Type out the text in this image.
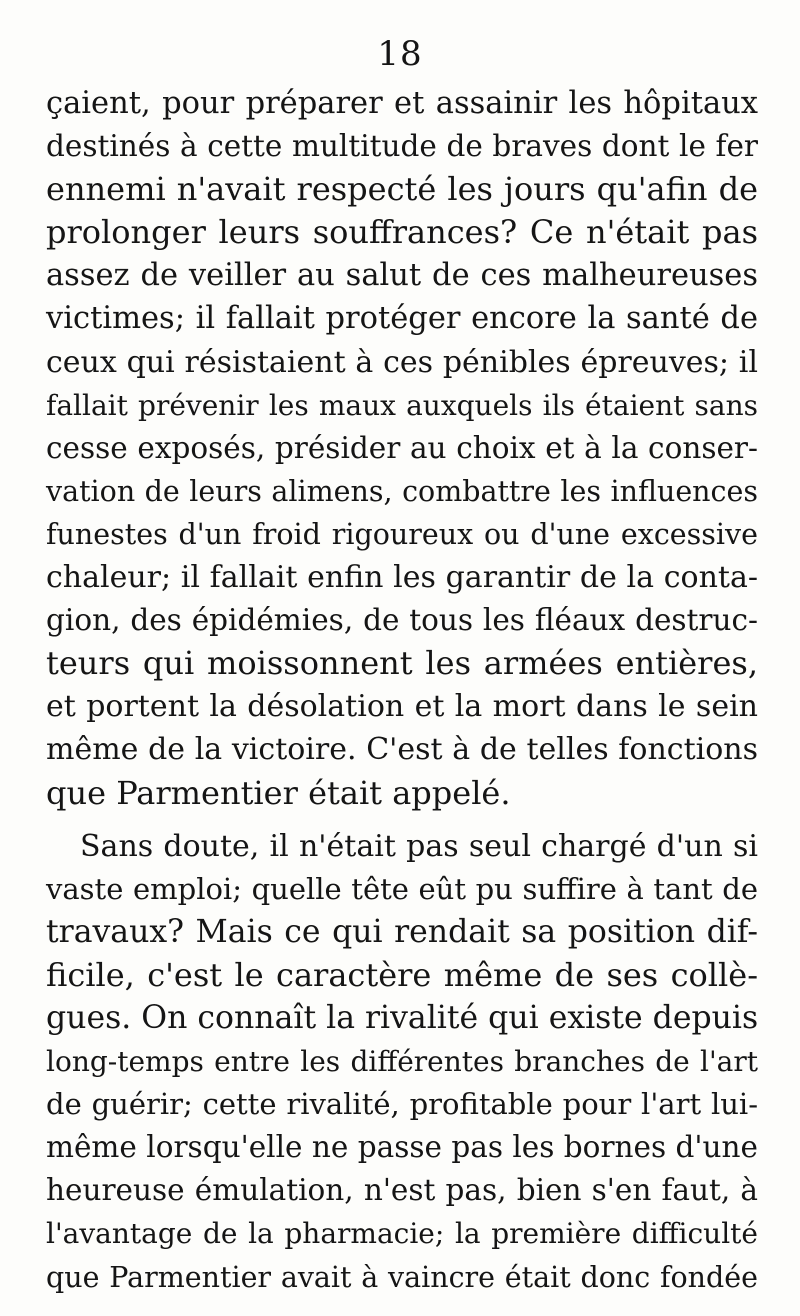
18
çaient, pour préparer et assainir les hôpitaux
destinés à cette multitude de braves dont le fer
ennemi n'avait respecté les jours qu'afin de
prolonger leurs souffrances? Ce n'était pas
assez de veiller au salut de ces malheureuses
victimes; il fallait protéger encore la santé de
ceux qui résistaient à ces pénibles épreuves; il
fallait prévenir les maux auxquels ils étaient sans
cesse exposés, présider au choix et à la conser-
vation de leurs alimens, combattre les influences
funestes d'un froid rigoureux ou d'une excessive
chaleur; il fallait enfin les garantir de la conta-
gion, des épidémies, de tous les fléaux destruc-
teurs qui moissonnent les armées entières,
et portent la désolation et la mort dans le sein
même de la victoire. C'est à de telles fonctions
que Parmentier était appelé.
Sans doute, il n'était pas seul chargé d'un si
vaste emploi; quelle tête eût pu suffire à tant de
travaux? Mais ce qui rendait sa position dif-
ficile, c'est le caractère même de ses collè-
gues. On connaît la rivalité qui existe depuis
long-temps entre les différentes branches de l'art
de guérir; cette rivalité, profitable pour l'art lui-
même lorsqu'elle ne passe pas les bornes d'une
heureuse émulation, n'est pas, bien s'en faut, à
l'avantage de la pharmacie; la première difficulté
que Parmentier avait à vaincre était donc fondée
